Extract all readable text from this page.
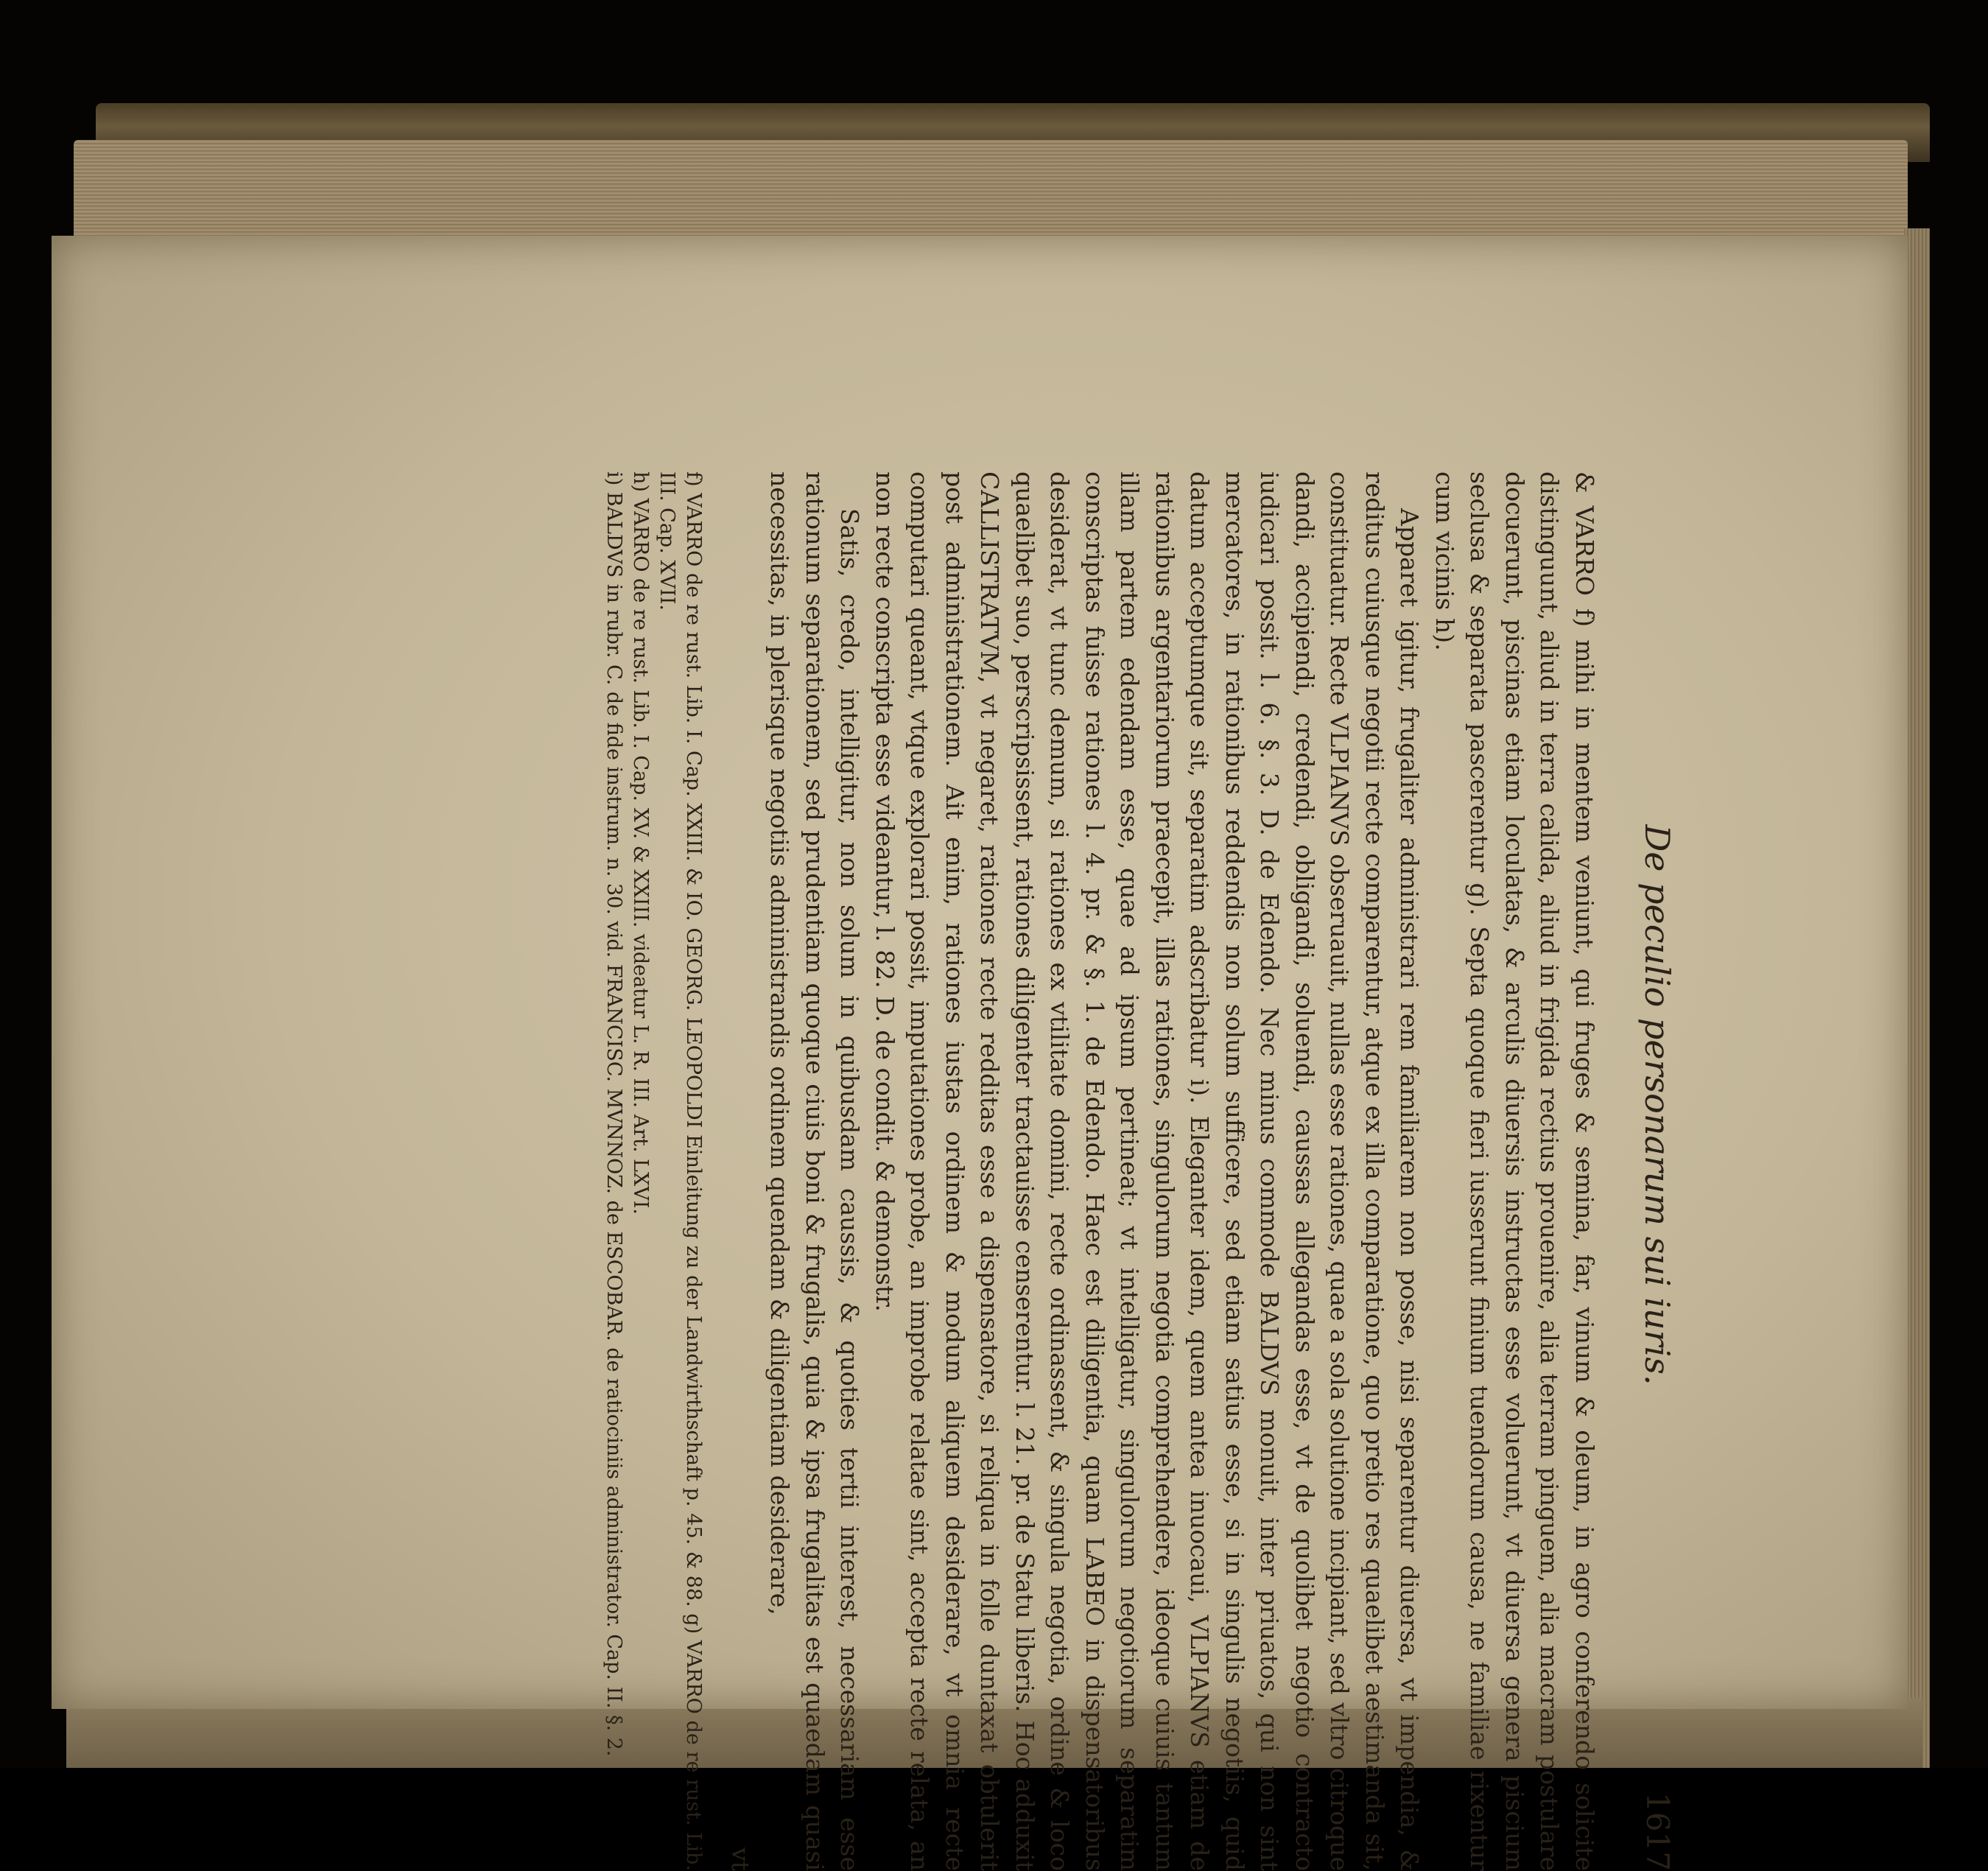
De peculio personarum sui iuris.
1617

& VARRO f) mihi in mentem veniunt, qui fruges & semina, far, vinum & oleum, in agro conferendo solicite distinguunt, aliud in terra calida, aliud in frigida rectius prouenire, alia terram pinguem, alia macram postulare docuerunt, piscinas etiam loculatas, & arculis diuersis instructas esse voluerunt, vt diuersa genera piscium seclusa & separata pascerentur g). Septa quoque fieri iusserunt finium tuendorum causa, ne familiae rixentur cum vicinis h).

Apparet igitur, frugaliter administrari rem familiarem non posse, nisi separentur diuersa, vt impendia, & reditus cuiusque negotii recte comparentur, atque ex illa comparatione, quo pretio res quaelibet aestimanda sit, constituatur. Recte VLPIANVS obseruauit, nullas esse rationes, quae a sola solutione incipiant, sed vltro citroque dandi, accipiendi, credendi, obligandi, soluendi, caussas allegandas esse, vt de quolibet negotio contracto iudicari possit. l. 6. §. 3. D. de Edendo. Nec minus commode BALDVS monuit, inter priuatos, qui non sint mercatores, in rationibus reddendis non solum sufficere, sed etiam satius esse, si in singulis negotiis, quid datum acceptumque sit, separatim adscribatur i). Eleganter idem, quem antea inuocaui, VLPIANVS etiam de rationibus argentariorum praecepit, illas rationes, singulorum negotia comprehendere, ideoque cuiuis tantum illam partem edendam esse, quae ad ipsum pertineat; vt intelligatur, singulorum negotiorum separatim conscriptas fuisse rationes l. 4. pr. & §. 1. de Edendo. Haec est diligentia, quam LABEO in dispensatoribus desiderat, vt tunc demum, si rationes ex vtilitate domini, recte ordinassent, & singula negotia, ordine & loco quaelibet suo, perscripsissent, rationes diligenter tractauisse censerentur. l. 21. pr. de Statu liberis. Hoc adduxit CALLISTRATVM, vt negaret, rationes recte redditas esse a dispensatore, si reliqua in folle duntaxat obtulerit post administrationem. Ait enim, rationes iustas ordinem & modum aliquem desiderare, vt omnia recte computari queant, vtque explorari possit, imputationes probe, an improbe relatae sint, accepta recte relata, an non recte conscripta esse videantur, l. 82. D. de condit. & demonstr.

Satis, credo, intelligitur, non solum in quibusdam caussis, & quoties tertii interest, necessariam esse rationum separationem, sed prudentiam quoque ciuis boni & frugalis, quia & ipsa frugalitas est quaedam quasi necessitas, in plerisque negotiis administrandis ordinem quendam & diligentiam desiderare,

vt

f) VARRO de re rust. Lib. I. Cap. XXIII. & IO. GEORG. LEOPOLDI Einleitung zu der Landwirthschaft p. 45. & 88. g) VARRO de re rust. Lib. III. Cap. XVII.

h) VARRO de re rust. Lib. I. Cap. XV. & XXIII. videatur L. R. III. Art. LXVI.

i) BALDVS in rubr. C. de fide instrum. n. 30. vid. FRANCISC. MVNNOZ. de ESCOBAR. de ratiociniis administrator. Cap. II. §. 2.
